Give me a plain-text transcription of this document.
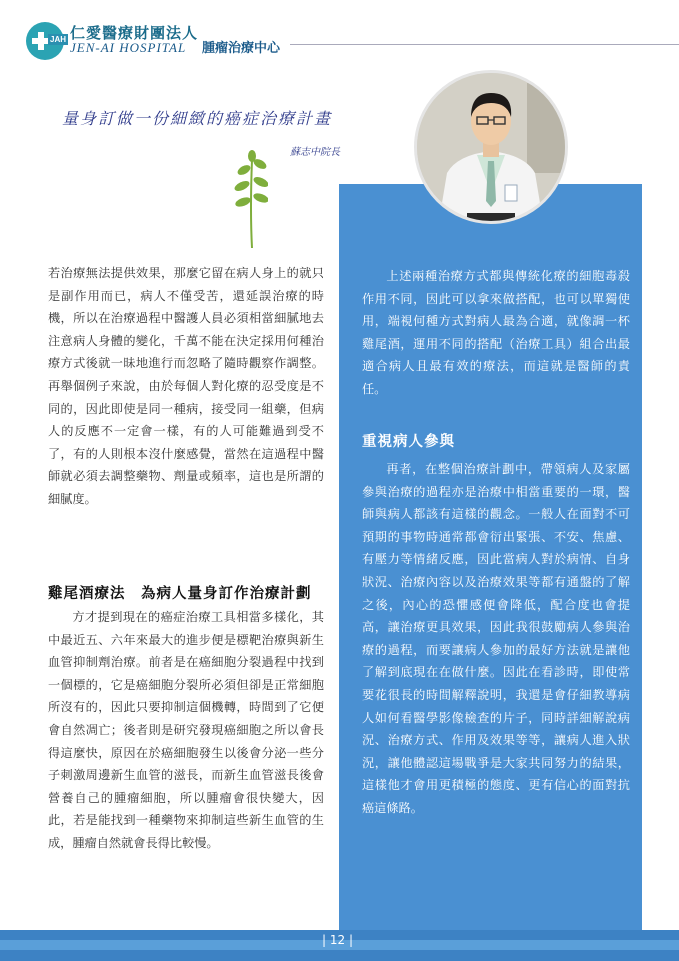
JAH 仁愛醫療財團法人
JEN-AI HOSPITAL 腫瘤治療中心
量身訂做一份細緻的癌症治療計畫
蘇志中院長

若治療無法提供效果，那麼它留在病人身上的就只是副作用而已，病人不僅受苦，還延誤治療的時機，所以在治療過程中醫護人員必須相當細膩地去注意病人身體的變化，千萬不能在決定採用何種治療方式後就一昧地進行而忽略了隨時觀察作調整。再舉個例子來說，由於每個人對化療的忍受度是不同的，因此即使是同一種病，接受同一組藥，但病人的反應不一定會一樣，有的人可能難過到受不了，有的人則根本沒什麼感覺，當然在這過程中醫師就必須去調整藥物、劑量或頻率，這也是所謂的細膩度。

雞尾酒療法　為病人量身訂作治療計劃

方才提到現在的癌症治療工具相當多樣化，其中最近五、六年來最大的進步便是標靶治療與新生血管抑制劑治療。前者是在癌細胞分裂過程中找到一個標的，它是癌細胞分裂所必須但卻是正常細胞所沒有的，因此只要抑制這個機轉，時間到了它便會自然凋亡；後者則是研究發現癌細胞之所以會長得這麼快，原因在於癌細胞發生以後會分泌一些分子刺激周邊新生血管的滋長，而新生血管滋長後會營養自己的腫瘤細胞，所以腫瘤會很快變大，因此，若是能找到一種藥物來抑制這些新生血管的生成，腫瘤自然就會長得比較慢。

上述兩種治療方式都與傳統化療的細胞毒殺作用不同，因此可以拿來做搭配，也可以單獨使用，端視何種方式對病人最為合適，就像調一杯雞尾酒，運用不同的搭配（治療工具）組合出最適合病人且最有效的療法，而這就是醫師的責任。

重視病人參與

再者，在整個治療計劃中，帶領病人及家屬參與治療的過程亦是治療中相當重要的一環，醫師與病人都該有這樣的觀念。一般人在面對不可預期的事物時通常都會衍出緊張、不安、焦慮、有壓力等情緒反應，因此當病人對於病情、自身狀況、治療內容以及治療效果等都有通盤的了解之後，內心的恐懼感便會降低，配合度也會提高，讓治療更具效果，因此我很鼓勵病人參與治療的過程，而要讓病人參加的最好方法就是讓他了解到底現在在做什麼。因此在看診時，即使常要花很長的時間解釋說明，我還是會仔細教導病人如何看醫學影像檢查的片子，同時詳細解說病況、治療方式、作用及效果等等，讓病人進入狀況，讓他體認這場戰爭是大家共同努力的結果，這樣他才會用更積極的態度、更有信心的面對抗癌這條路。

| 12 |
